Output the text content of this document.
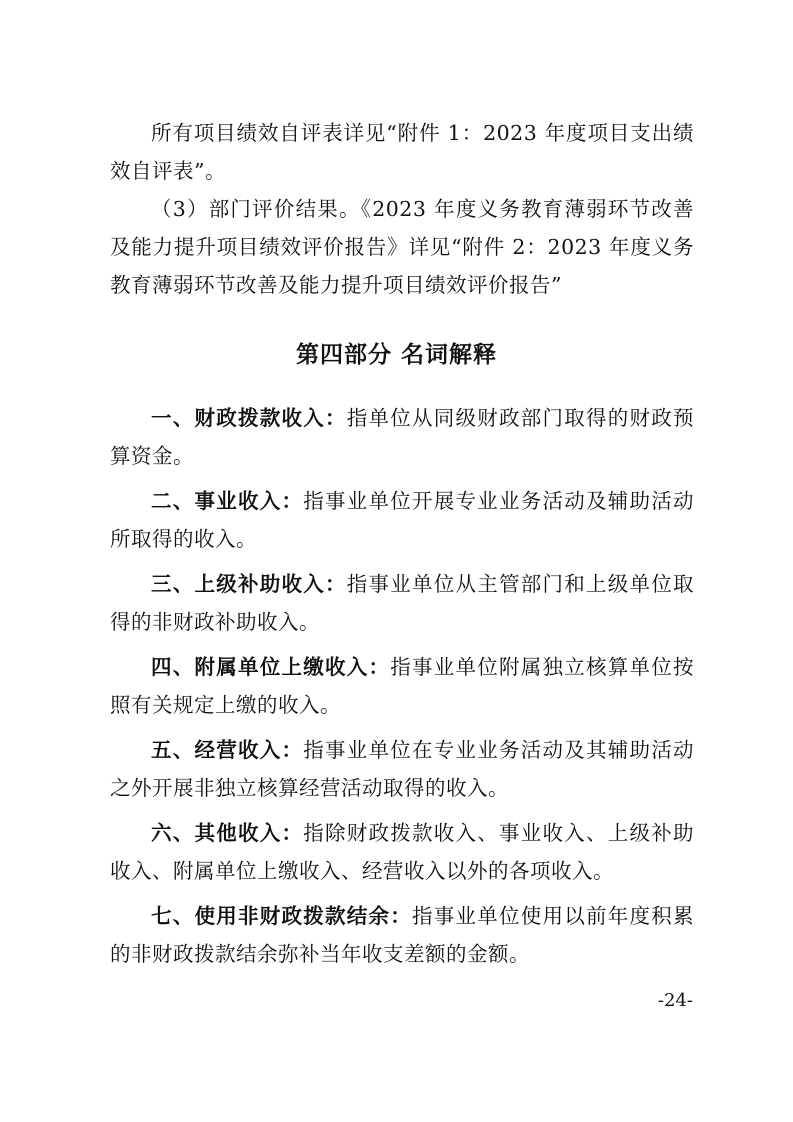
所有项目绩效自评表详见“附件 1：2023 年度项目支出绩效自评表”。

（3）部门评价结果。《2023 年度义务教育薄弱环节改善及能力提升项目绩效评价报告》详见“附件 2：2023 年度义务教育薄弱环节改善及能力提升项目绩效评价报告”

第四部分 名词解释

一、财政拨款收入：指单位从同级财政部门取得的财政预算资金。

二、事业收入：指事业单位开展专业业务活动及辅助活动所取得的收入。

三、上级补助收入：指事业单位从主管部门和上级单位取得的非财政补助收入。

四、附属单位上缴收入：指事业单位附属独立核算单位按照有关规定上缴的收入。

五、经营收入：指事业单位在专业业务活动及其辅助活动之外开展非独立核算经营活动取得的收入。

六、其他收入：指除财政拨款收入、事业收入、上级补助收入、附属单位上缴收入、经营收入以外的各项收入。

七、使用非财政拨款结余：指事业单位使用以前年度积累的非财政拨款结余弥补当年收支差额的金额。

-24-
